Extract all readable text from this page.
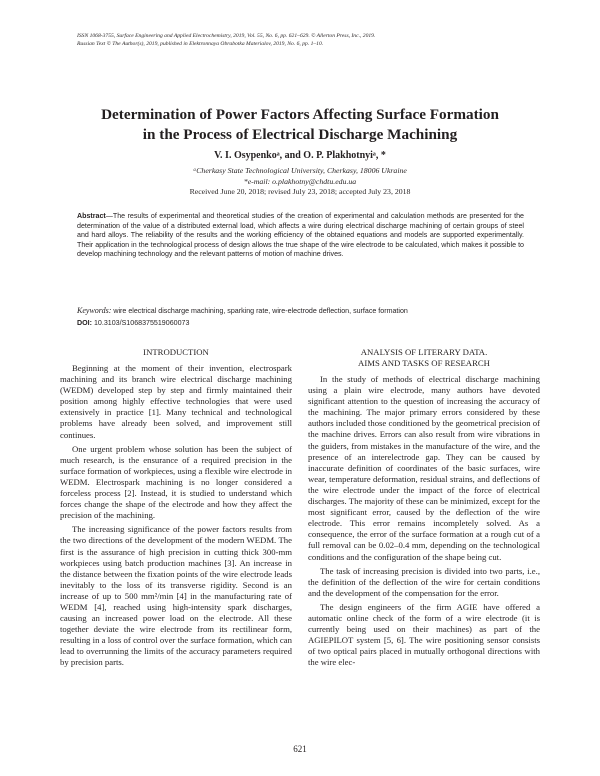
ISSN 1068-3755, Surface Engineering and Applied Electrochemistry, 2019, Vol. 55, No. 6, pp. 621–629. © Allerton Press, Inc., 2019.
Russian Text © The Author(s), 2019, published in Elektronnaya Obrabotka Materialov, 2019, No. 6, pp. 1–10.
Determination of Power Factors Affecting Surface Formation
in the Process of Electrical Discharge Machining
V. I. Osypenkoᵃ, and O. P. Plakhotnyiᵃ, *
ᵃCherkasy State Technological University, Cherkasy, 18006 Ukraine
*e-mail: o.plakhotny@chdtu.edu.ua
Received June 20, 2018; revised July 23, 2018; accepted July 23, 2018
Abstract—The results of experimental and theoretical studies of the creation of experimental and calculation methods are presented for the determination of the value of a distributed external load, which affects a wire during electrical discharge machining of certain groups of steel and hard alloys. The reliability of the results and the working efficiency of the obtained equations and models are supported experimentally. Their application in the technological process of design allows the true shape of the wire electrode to be calculated, which makes it possible to develop machining technology and the relevant patterns of motion of machine drives.
Keywords: wire electrical discharge machining, sparking rate, wire-electrode deflection, surface formation
DOI: 10.3103/S1068375519060073
INTRODUCTION

Beginning at the moment of their invention, electrospark machining and its branch wire electrical discharge machining (WEDM) developed step by step and firmly maintained their position among highly effective technologies that were used extensively in practice [1]. Many technical and technological problems have already been solved, and improvement still continues.

One urgent problem whose solution has been the subject of much research, is the ensurance of a required precision in the surface formation of workpieces, using a flexible wire electrode in WEDM. Electrospark machining is no longer considered a forceless process [2]. Instead, it is studied to understand which forces change the shape of the electrode and how they affect the precision of the machining.

The increasing significance of the power factors results from the two directions of the development of the modern WEDM. The first is the assurance of high precision in cutting thick 300-mm workpieces using batch production machines [3]. An increase in the distance between the fixation points of the wire electrode leads inevitably to the loss of its transverse rigidity. Second is an increase of up to 500 mm²/min [4] in the manufacturing rate of WEDM [4], reached using high-intensity spark discharges, causing an increased power load on the electrode. All these together deviate the wire electrode from its rectilinear form, resulting in a loss of control over the surface formation, which can lead to overrunning the limits of the accuracy parameters required by precision parts.

ANALYSIS OF LITERARY DATA.
AIMS AND TASKS OF RESEARCH

In the study of methods of electrical discharge machining using a plain wire electrode, many authors have devoted significant attention to the question of increasing the accuracy of the machining. The major primary errors considered by these authors included those conditioned by the geometrical precision of the machine drives. Errors can also result from wire vibrations in the guiders, from mistakes in the manufacture of the wire, and the presence of an interelectrode gap. They can be caused by inaccurate definition of coordinates of the basic surfaces, wire wear, temperature deformation, residual strains, and deflections of the wire electrode under the impact of the force of electrical discharges. The majority of these can be minimized, except for the most significant error, caused by the deflection of the wire electrode. This error remains incompletely solved. As a consequence, the error of the surface formation at a rough cut of a full removal can be 0.02–0.4 mm, depending on the technological conditions and the configuration of the shape being cut.

The task of increasing precision is divided into two parts, i.e., the definition of the deflection of the wire for certain conditions and the development of the compensation for the error.

The design engineers of the firm AGIE have offered a automatic online check of the form of a wire electrode (it is currently being used on their machines) as part of the AGIEPILOT system [5, 6]. The wire positioning sensor consists of two optical pairs placed in mutually orthogonal directions with the wire elec-

621
